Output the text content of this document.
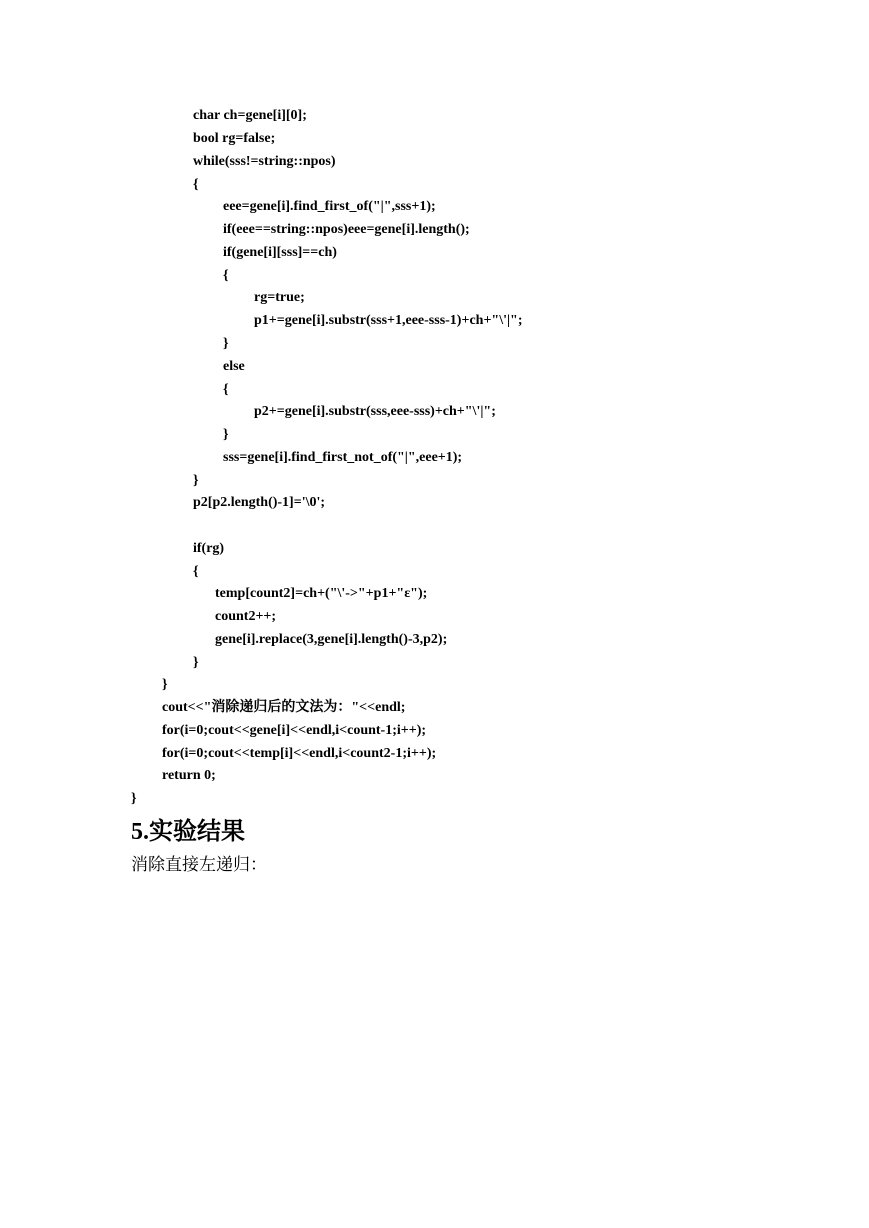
char ch=gene[i][0];
bool rg=false;
while(sss!=string::npos)
{
eee=gene[i].find_first_of("|",sss+1);
if(eee==string::npos)eee=gene[i].length();
if(gene[i][sss]==ch)
{
rg=true;
p1+=gene[i].substr(sss+1,eee-sss-1)+ch+"\'|";
}
else
{
p2+=gene[i].substr(sss,eee-sss)+ch+"\'|";
}
sss=gene[i].find_first_not_of("|",eee+1);
}
p2[p2.length()-1]='\0';
if(rg)
{
temp[count2]=ch+("\'->"+p1+"ε");
count2++;
gene[i].replace(3,gene[i].length()-3,p2);
}
}
cout<<"消除递归后的文法为："<<endl;
for(i=0;cout<<gene[i]<<endl,i<count-1;i++);
for(i=0;cout<<temp[i]<<endl,i<count2-1;i++);
return 0;
}
5.实验结果
消除直接左递归：
